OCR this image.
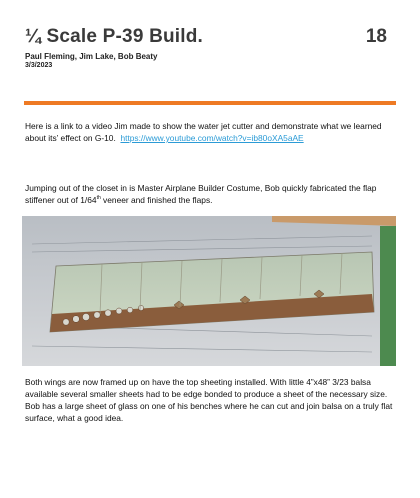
¼ Scale P-39 Build.	18
Paul Fleming, Jim Lake, Bob Beaty
3/3/2023
Here is a link to a video Jim made to show the water jet cutter and demonstrate what we learned about its’ effect on G-10. https://www.youtube.com/watch?v=ib80oXA5aAE
Jumping out of the closet in is Master Airplane Builder Costume, Bob quickly fabricated the flap stiffener out of 1/64th veneer and finished the flaps.
Both wings are now framed up on have the top sheeting installed. With little 4”x48” 3/23 balsa available several smaller sheets had to be edge bonded to produce a sheet of the necessary size. Bob has a large sheet of glass on one of his benches where he can cut and join balsa on a truly flat surface, what a good idea.
